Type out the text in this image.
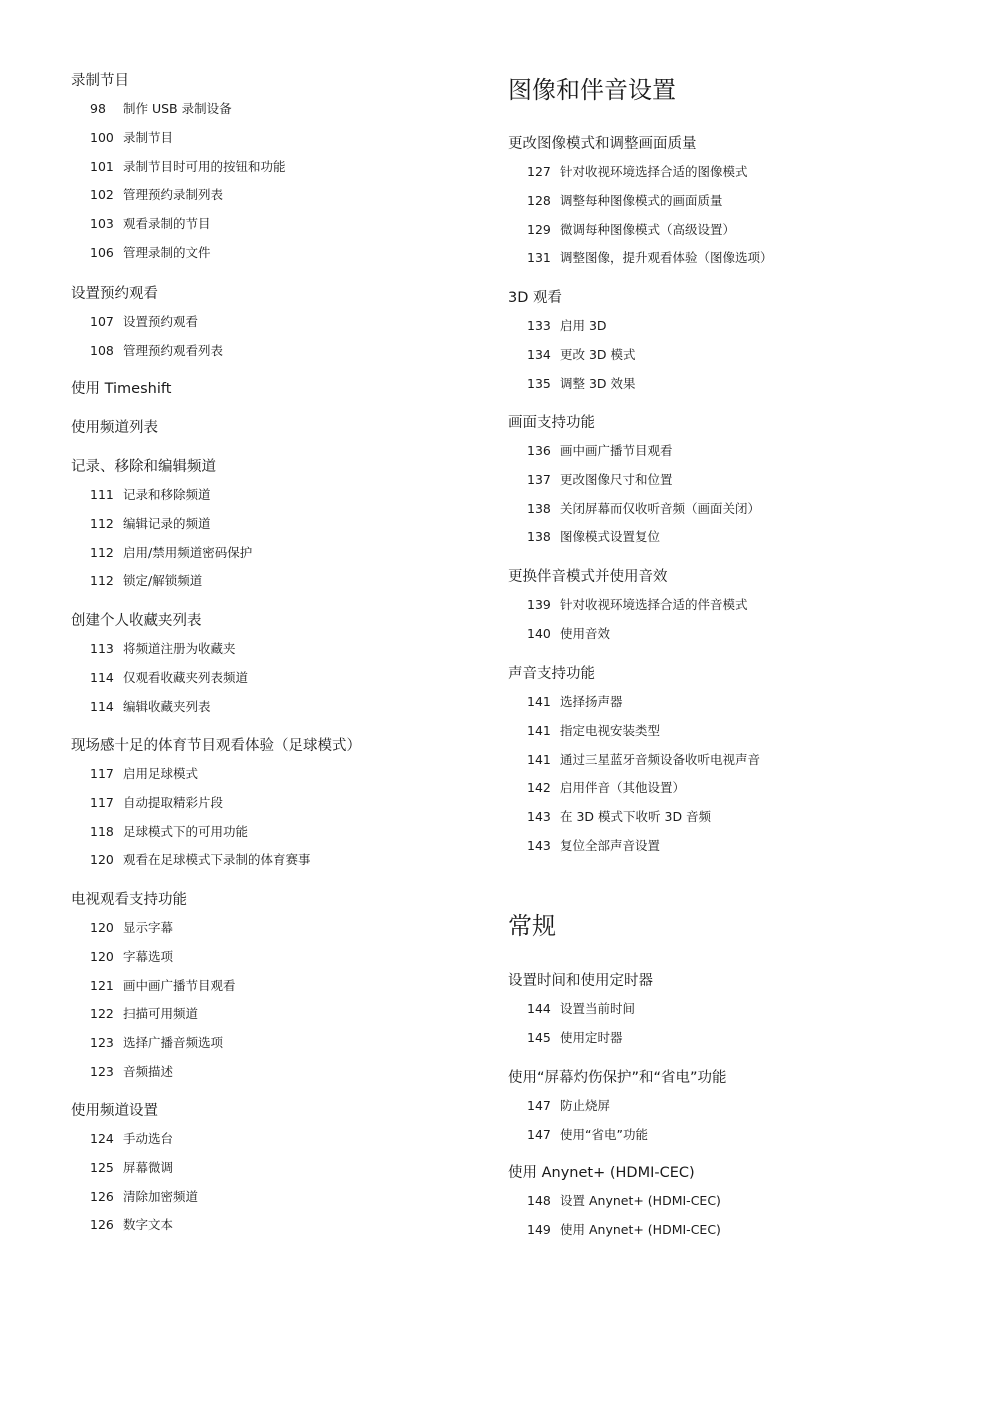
录制节目
98 制作 USB 录制设备
100 录制节目
101 录制节目时可用的按钮和功能
102 管理预约录制列表
103 观看录制的节目
106 管理录制的文件
设置预约观看
107 设置预约观看
108 管理预约观看列表
使用 Timeshift
使用频道列表
记录、移除和编辑频道
111 记录和移除频道
112 编辑记录的频道
112 启用/禁用频道密码保护
112 锁定/解锁频道
创建个人收藏夹列表
113 将频道注册为收藏夹
114 仅观看收藏夹列表频道
114 编辑收藏夹列表
现场感十足的体育节目观看体验（足球模式）
117 启用足球模式
117 自动提取精彩片段
118 足球模式下的可用功能
120 观看在足球模式下录制的体育赛事
电视观看支持功能
120 显示字幕
120 字幕选项
121 画中画广播节目观看
122 扫描可用频道
123 选择广播音频选项
123 音频描述
使用频道设置
124 手动选台
125 屏幕微调
126 清除加密频道
126 数字文本
图像和伴音设置
更改图像模式和调整画面质量
127 针对收视环境选择合适的图像模式
128 调整每种图像模式的画面质量
129 微调每种图像模式（高级设置）
131 调整图像，提升观看体验（图像选项）
3D 观看
133 启用 3D
134 更改 3D 模式
135 调整 3D 效果
画面支持功能
136 画中画广播节目观看
137 更改图像尺寸和位置
138 关闭屏幕而仅收听音频（画面关闭）
138 图像模式设置复位
更换伴音模式并使用音效
139 针对收视环境选择合适的伴音模式
140 使用音效
声音支持功能
141 选择扬声器
141 指定电视安装类型
141 通过三星蓝牙音频设备收听电视声音
142 启用伴音（其他设置）
143 在 3D 模式下收听 3D 音频
143 复位全部声音设置
常规
设置时间和使用定时器
144 设置当前时间
145 使用定时器
使用“屏幕灼伤保护”和“省电”功能
147 防止烧屏
147 使用“省电”功能
使用 Anynet+ (HDMI-CEC)
148 设置 Anynet+ (HDMI-CEC)
149 使用 Anynet+ (HDMI-CEC)
